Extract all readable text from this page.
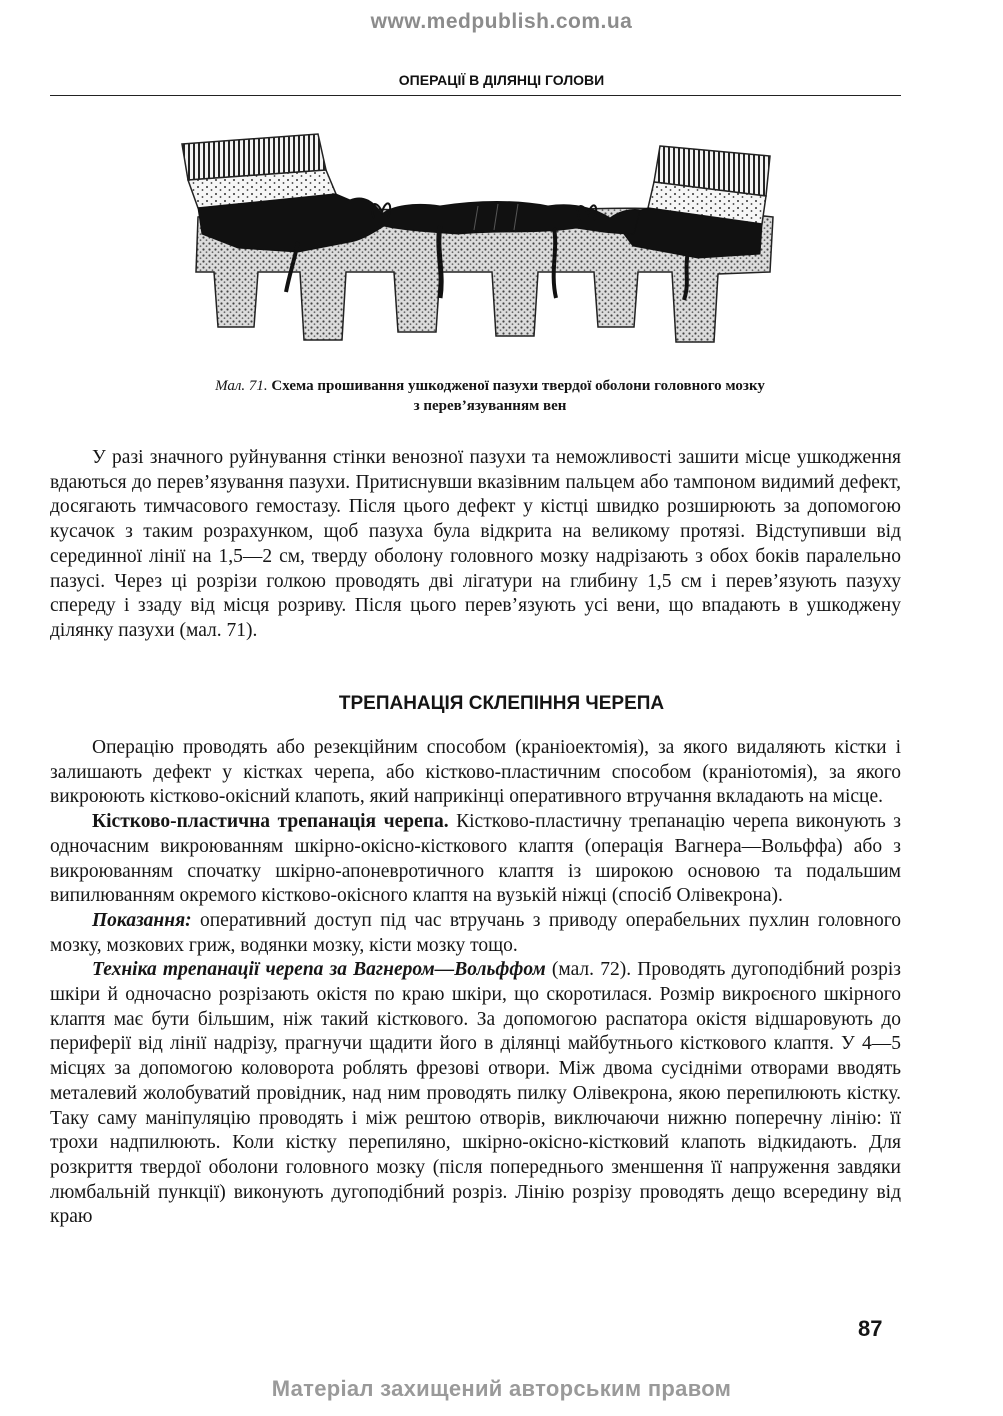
www.medpublish.com.ua
ОПЕРАЦІЇ В ДІЛЯНЦІ ГОЛОВИ
Мал. 71. Схема прошивання ушкодженої пазухи твердої оболони головного мозку
з перев’язуванням вен

У разі значного руйнування стінки венозної пазухи та неможливості зашити місце ушкодження вдаються до перев’язування пазухи. Притиснувши вказівним пальцем або тампоном видимий дефект, досягають тимчасового гемостазу. Після цього дефект у кістці швидко розширюють за допомогою кусачок з таким розрахунком, щоб пазуха була відкрита на великому протязі. Відступивши від серединної лінії на 1,5—2 см, тверду оболону головного мозку надрізають з обох боків паралельно пазусі. Через ці розрізи голкою проводять дві лігатури на глибину 1,5 см і перев’язують пазуху спереду і ззаду від місця розриву. Після цього перев’язують усі вени, що впадають в ушкоджену ділянку пазухи (мал. 71).

ТРЕПАНАЦІЯ СКЛЕПІННЯ ЧЕРЕПА

Операцію проводять або резекційним способом (краніоектомія), за якого видаляють кістки і залишають дефект у кістках черепа, або кістково-пластичним способом (краніотомія), за якого викроюють кістково-окісний клапоть, який наприкінці оперативного втручання вкладають на місце.

Кістково-пластична трепанація черепа. Кістково-пластичну трепанацію черепа виконують з одночасним викроюванням шкірно-окісно-кісткового клаптя (операція Вагнера—Вольффа) або з викроюванням спочатку шкірно-апоневротичного клаптя із широкою основою та подальшим випилюванням окремого кістково-окісного клаптя на вузькій ніжці (спосіб Олівекрона).

Показання: оперативний доступ під час втручань з приводу операбельних пухлин головного мозку, мозкових гриж, водянки мозку, кісти мозку тощо.

Техніка трепанації черепа за Вагнером—Вольффом (мал. 72). Проводять дугоподібний розріз шкіри й одночасно розрізають окістя по краю шкіри, що скоротилася. Розмір викроєного шкірного клаптя має бути більшим, ніж такий кісткового. За допомогою распатора окістя відшаровують до периферії від лінії надрізу, прагнучи щадити його в ділянці майбутнього кісткового клаптя. У 4—5 місцях за допомогою коловорота роблять фрезові отвори. Між двома сусідніми отворами вводять металевий жолобуватий провідник, над ним проводять пилку Олівекрона, якою перепилюють кістку. Таку саму маніпуляцію проводять і між рештою отворів, виключаючи нижню поперечну лінію: її трохи надпилюють. Коли кістку перепиляно, шкірно-окісно-кістковий клапоть відкидають. Для розкриття твердої оболони головного мозку (після попереднього зменшення її напруження завдяки люмбальній пункції) виконують дугоподібний розріз. Лінію розрізу проводять дещо всередину від краю

87
Матеріал захищений авторським правом
